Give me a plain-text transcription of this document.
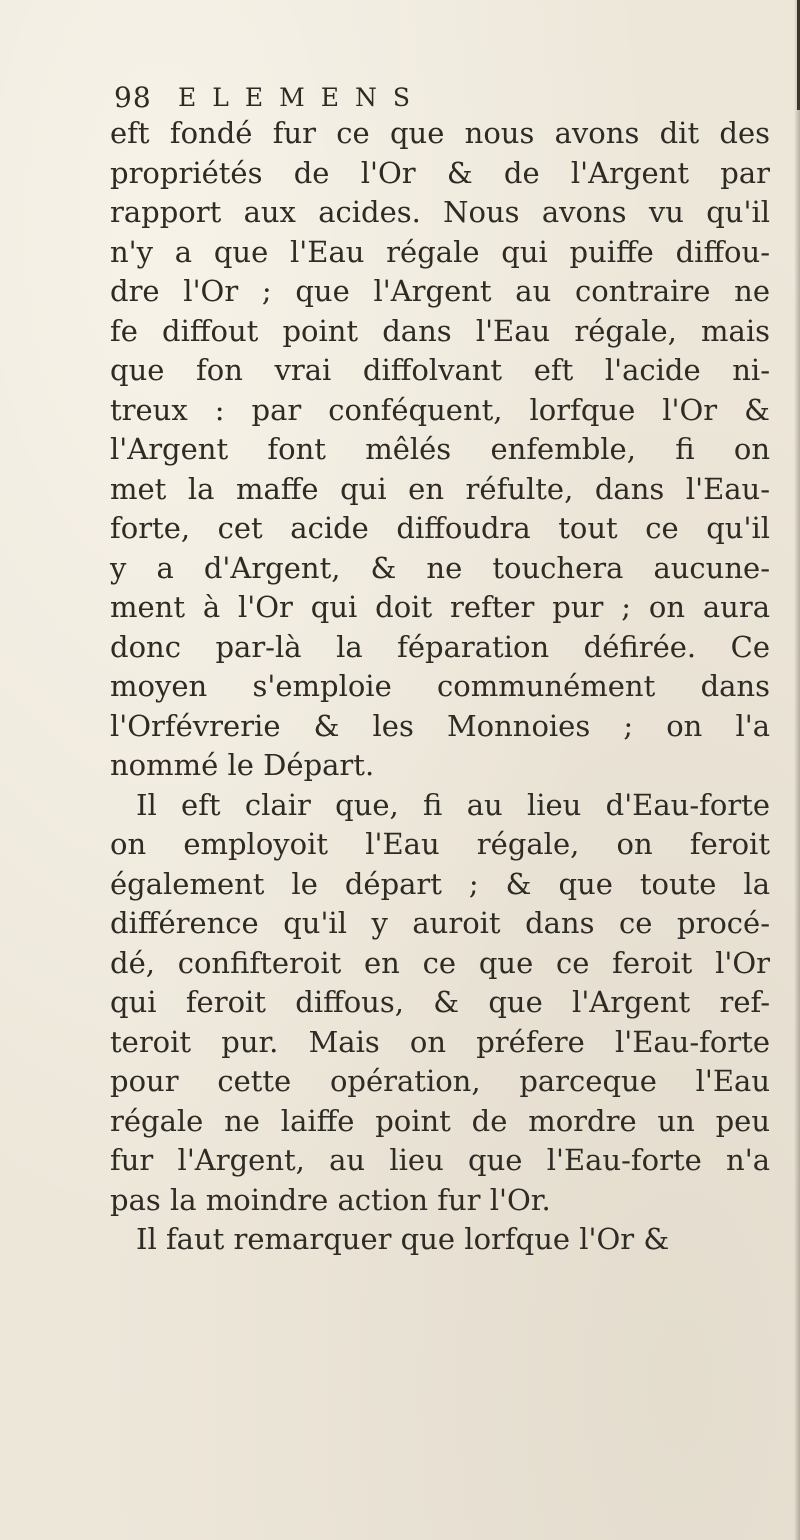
98 ELEMENS
eft fondé fur ce que nous avons dit des
propriétés de l'Or & de l'Argent par
rapport aux acides. Nous avons vu qu'il
n'y a que l'Eau régale qui puiffe diffou-
dre l'Or ; que l'Argent au contraire ne
fe diffout point dans l'Eau régale, mais
que fon vrai diffolvant eft l'acide ni-
treux : par conféquent, lorfque l'Or &
l'Argent font mêlés enfemble, fi on
met la maffe qui en réfulte, dans l'Eau-
forte, cet acide diffoudra tout ce qu'il
y a d'Argent, & ne touchera aucune-
ment à l'Or qui doit refter pur ; on aura
donc par-là la féparation défirée. Ce
moyen s'emploie communément dans
l'Orfévrerie & les Monnoies ; on l'a
nommé le Départ.
Il eft clair que, fi au lieu d'Eau-forte
on employoit l'Eau régale, on feroit
également le départ ; & que toute la
différence qu'il y auroit dans ce procé-
dé, confifteroit en ce que ce feroit l'Or
qui feroit diffous, & que l'Argent ref-
teroit pur. Mais on préfere l'Eau-forte
pour cette opération, parceque l'Eau
régale ne laiffe point de mordre un peu
fur l'Argent, au lieu que l'Eau-forte n'a
pas la moindre action fur l'Or.
Il faut remarquer que lorfque l'Or &
